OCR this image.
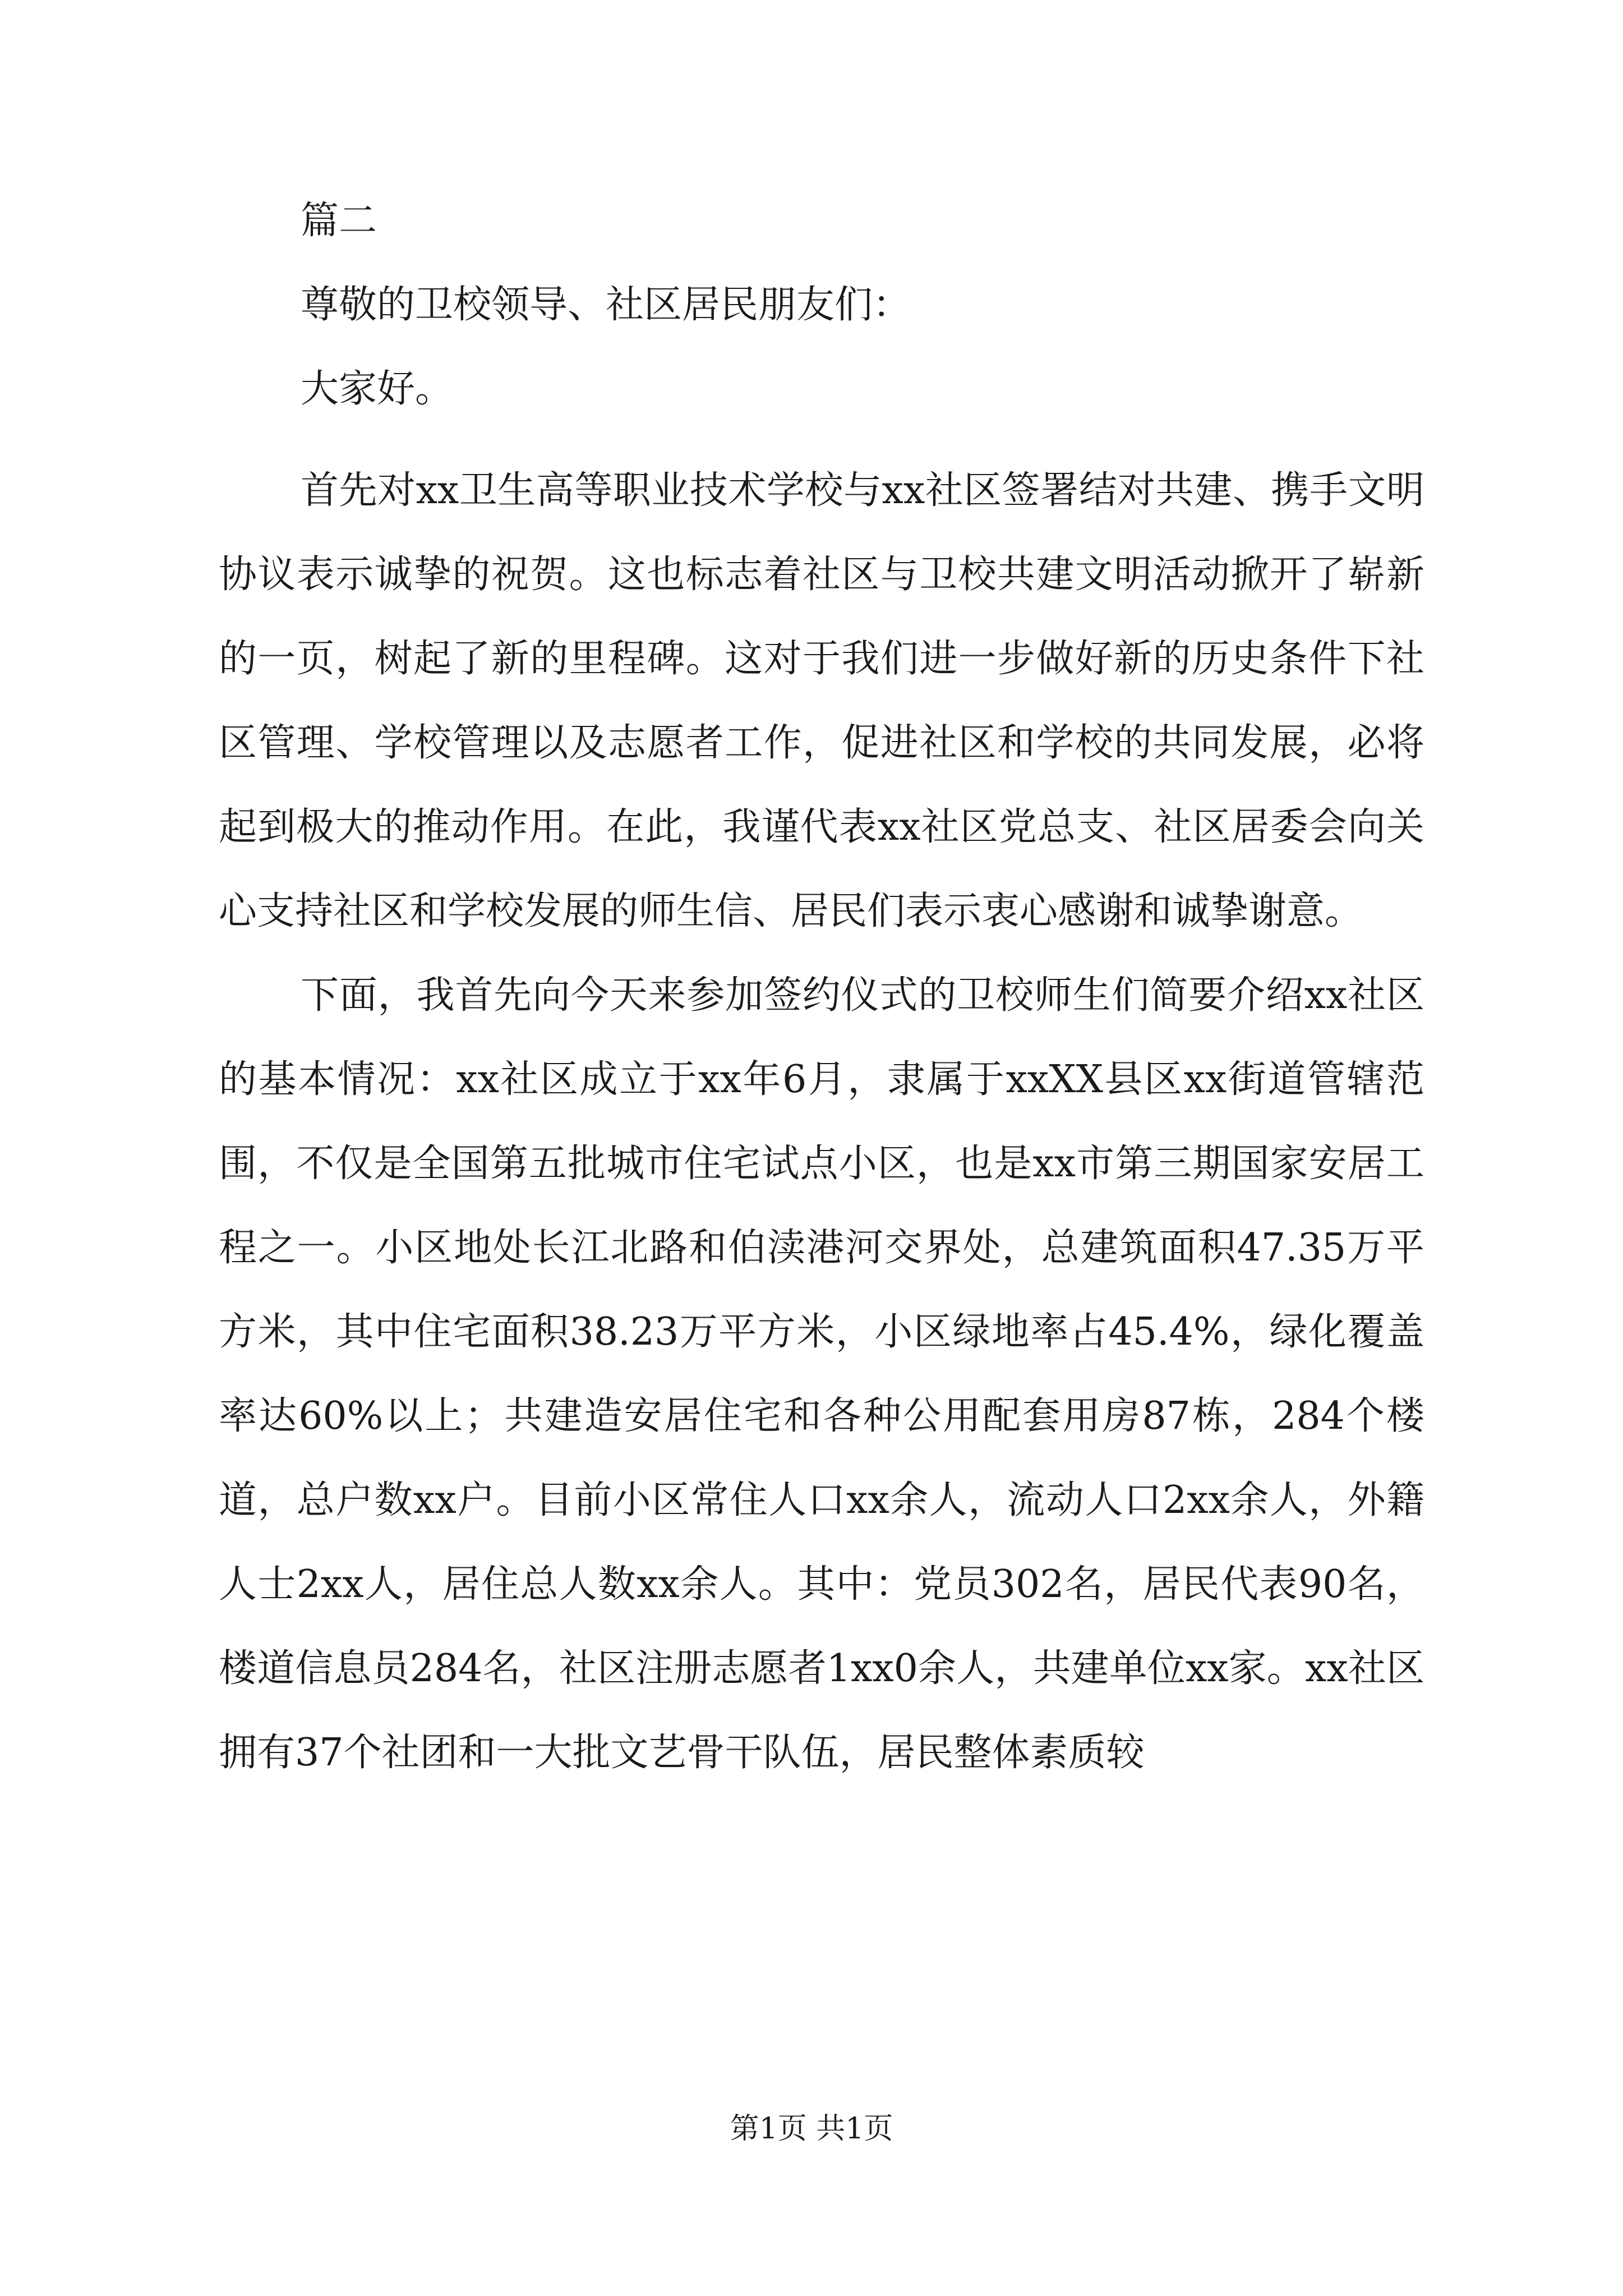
篇二

尊敬的卫校领导、社区居民朋友们：

大家好。

首先对xx卫生高等职业技术学校与xx社区签署结对共建、携手文明协议表示诚挚的祝贺。这也标志着社区与卫校共建文明活动掀开了崭新的一页，树起了新的里程碑。这对于我们进一步做好新的历史条件下社区管理、学校管理以及志愿者工作，促进社区和学校的共同发展，必将起到极大的推动作用。在此，我谨代表xx社区党总支、社区居委会向关心支持社区和学校发展的师生信、居民们表示衷心感谢和诚挚谢意。

下面，我首先向今天来参加签约仪式的卫校师生们简要介绍xx社区的基本情况：xx社区成立于xx年6月，隶属于xxXX县区xx街道管辖范围，不仅是全国第五批城市住宅试点小区，也是xx市第三期国家安居工程之一。小区地处长江北路和伯渎港河交界处，总建筑面积47.35万平方米，其中住宅面积38.23万平方米，小区绿地率占45.4%，绿化覆盖率达60%以上；共建造安居住宅和各种公用配套用房87栋，284个楼道，总户数xx户。目前小区常住人口xx余人，流动人口2xx余人，外籍人士2xx人，居住总人数xx余人。其中：党员302名，居民代表90名，楼道信息员284名，社区注册志愿者1xx0余人，共建单位xx家。xx社区拥有37个社团和一大批文艺骨干队伍，居民整体素质较

第1页 共1页
